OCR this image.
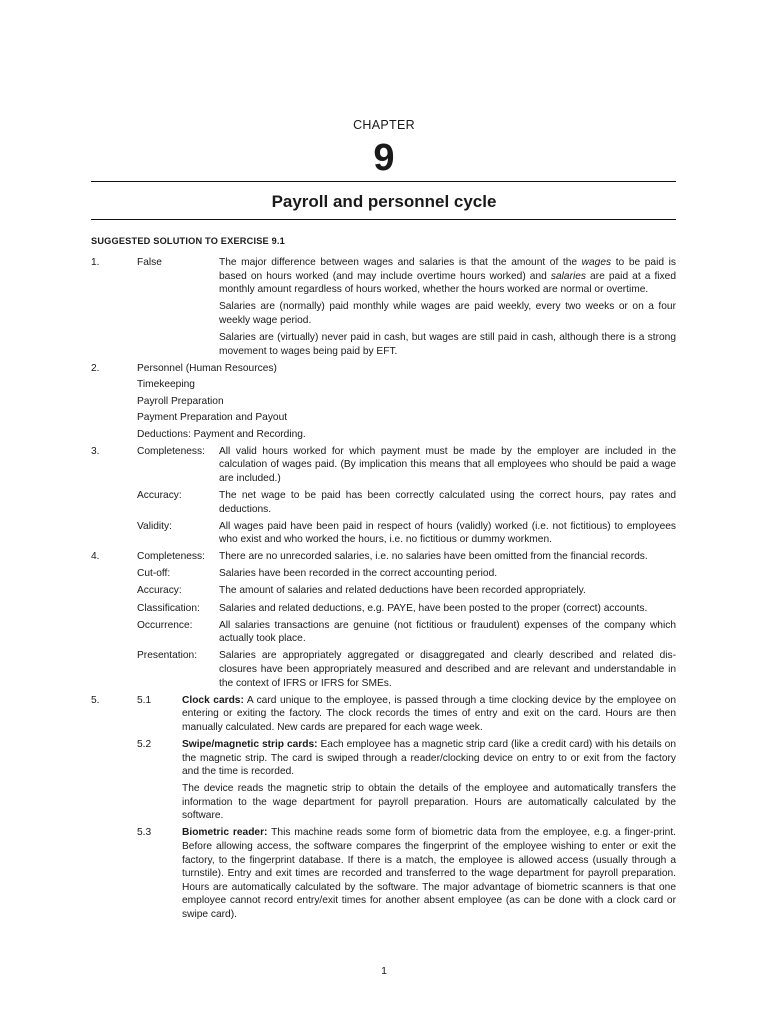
CHAPTER
9
Payroll and personnel cycle
SUGGESTED SOLUTION TO EXERCISE 9.1
1.	False	The major difference between wages and salaries is that the amount of the wages to be paid is based on hours worked (and may include overtime hours worked) and salaries are paid at a fixed monthly amount regardless of hours worked, whether the hours worked are normal or overtime.
Salaries are (normally) paid monthly while wages are paid weekly, every two weeks or on a four weekly wage period.
Salaries are (virtually) never paid in cash, but wages are still paid in cash, although there is a strong movement to wages being paid by EFT.
2.	Personnel (Human Resources)
Timekeeping
Payroll Preparation
Payment Preparation and Payout
Deductions: Payment and Recording.
3.	Completeness:	All valid hours worked for which payment must be made by the employer are included in the calculation of wages paid. (By implication this means that all employees who should be paid a wage are included.)
Accuracy:	The net wage to be paid has been correctly calculated using the correct hours, pay rates and deductions.
Validity:	All wages paid have been paid in respect of hours (validly) worked (i.e. not fictitious) to employees who exist and who worked the hours, i.e. no fictitious or dummy workmen.
4.	Completeness:	There are no unrecorded salaries, i.e. no salaries have been omitted from the financial records.
Cut-off:	Salaries have been recorded in the correct accounting period.
Accuracy:	The amount of salaries and related deductions have been recorded appropriately.
Classification:	Salaries and related deductions, e.g. PAYE, have been posted to the proper (correct) accounts.
Occurrence:	All salaries transactions are genuine (not fictitious or fraudulent) expenses of the company which actually took place.
Presentation:	Salaries are appropriately aggregated or disaggregated and clearly described and related dis-closures have been appropriately measured and described and are relevant and understandable in the context of IFRS or IFRS for SMEs.
5.	5.1	Clock cards: A card unique to the employee, is passed through a time clocking device by the employee on entering or exiting the factory. The clock records the times of entry and exit on the card. Hours are then manually calculated. New cards are prepared for each wage week.
5.2	Swipe/magnetic strip cards: Each employee has a magnetic strip card (like a credit card) with his details on the magnetic strip. The card is swiped through a reader/clocking device on entry to or exit from the factory and the time is recorded.
The device reads the magnetic strip to obtain the details of the employee and automatically transfers the information to the wage department for payroll preparation. Hours are automatically calculated by the software.
5.3	Biometric reader: This machine reads some form of biometric data from the employee, e.g. a finger-print. Before allowing access, the software compares the fingerprint of the employee wishing to enter or exit the factory, to the fingerprint database. If there is a match, the employee is allowed access (usually through a turnstile). Entry and exit times are recorded and transferred to the wage department for payroll preparation. Hours are automatically calculated by the software. The major advantage of biometric scanners is that one employee cannot record entry/exit times for another absent employee (as can be done with a clock card or swipe card).
1
